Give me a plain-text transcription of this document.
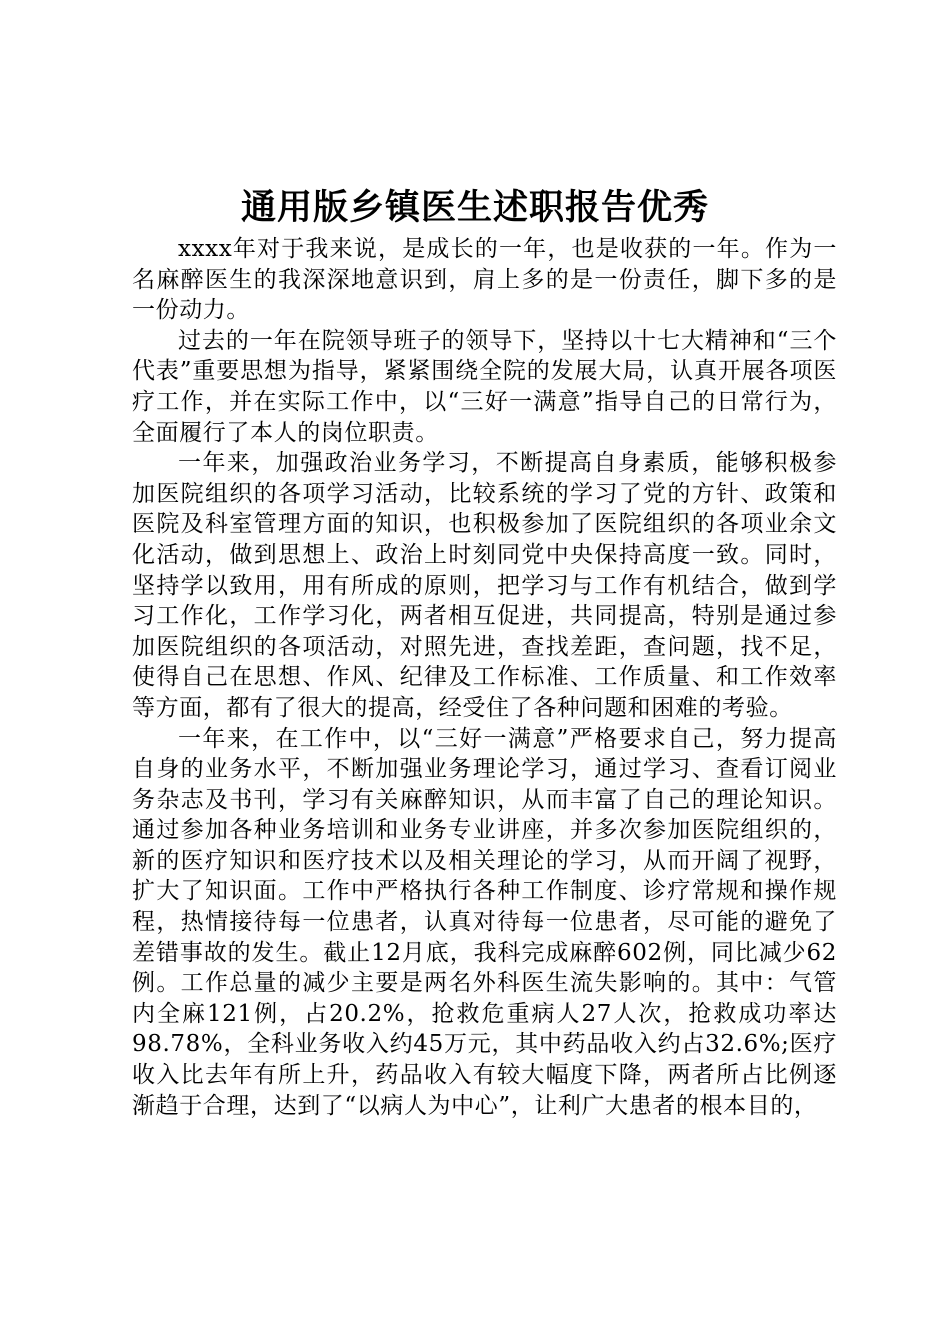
通用版乡镇医生述职报告优秀

xxxx年对于我来说，是成长的一年，也是收获的一年。作为一名麻醉医生的我深深地意识到，肩上多的是一份责任，脚下多的是一份动力。

过去的一年在院领导班子的领导下，坚持以十七大精神和“三个代表”重要思想为指导，紧紧围绕全院的发展大局，认真开展各项医疗工作，并在实际工作中，以“三好一满意”指导自己的日常行为，全面履行了本人的岗位职责。

一年来，加强政治业务学习，不断提高自身素质，能够积极参加医院组织的各项学习活动，比较系统的学习了党的方针、政策和医院及科室管理方面的知识，也积极参加了医院组织的各项业余文化活动，做到思想上、政治上时刻同党中央保持高度一致。同时，坚持学以致用，用有所成的原则，把学习与工作有机结合，做到学习工作化，工作学习化，两者相互促进，共同提高，特别是通过参加医院组织的各项活动，对照先进，查找差距，查问题，找不足，使得自己在思想、作风、纪律及工作标准、工作质量、和工作效率等方面，都有了很大的提高，经受住了各种问题和困难的考验。

一年来，在工作中，以“三好一满意”严格要求自己，努力提高自身的业务水平，不断加强业务理论学习，通过学习、查看订阅业务杂志及书刊，学习有关麻醉知识，从而丰富了自己的理论知识。通过参加各种业务培训和业务专业讲座，并多次参加医院组织的，新的医疗知识和医疗技术以及相关理论的学习，从而开阔了视野，扩大了知识面。工作中严格执行各种工作制度、诊疗常规和操作规程，热情接待每一位患者，认真对待每一位患者，尽可能的避免了差错事故的发生。截止12月底，我科完成麻醉602例，同比减少62例。工作总量的减少主要是两名外科医生流失影响的。其中：气管内全麻121例，占20.2%，抢救危重病人27人次，抢救成功率达98.78%，全科业务收入约45万元，其中药品收入约占32.6%;医疗收入比去年有所上升，药品收入有较大幅度下降，两者所占比例逐渐趋于合理，达到了“以病人为中心”，让利广大患者的根本目的，
